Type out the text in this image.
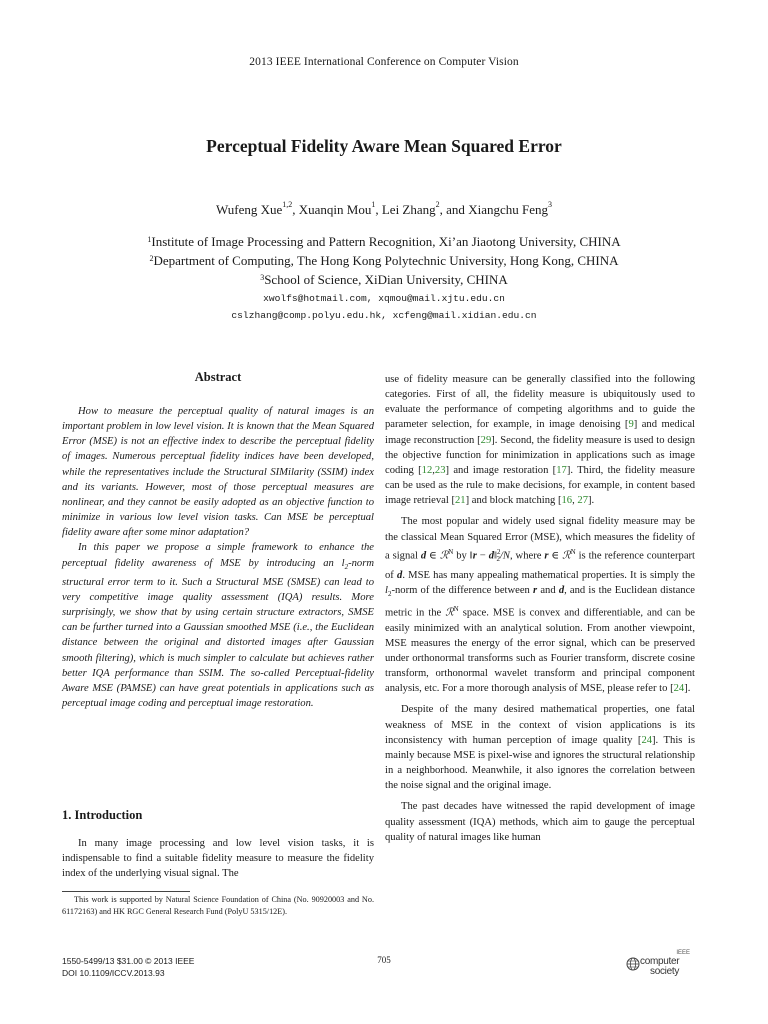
2013 IEEE International Conference on Computer Vision
Perceptual Fidelity Aware Mean Squared Error
Wufeng Xue$^{1,2}$, Xuanqin Mou$^1$, Lei Zhang$^2$, and Xiangchu Feng$^3$
$^1$Institute of Image Processing and Pattern Recognition, Xi’an Jiaotong University, CHINA
$^2$Department of Computing, The Hong Kong Polytechnic University, Hong Kong, CHINA
$^3$School of Science, XiDian University, CHINA
xwolfs@hotmail.com, xqmou@mail.xjtu.edu.cn
cslzhang@comp.polyu.edu.hk, xcfeng@mail.xidian.edu.cn
Abstract

How to measure the perceptual quality of natural images is an important problem in low level vision. It is known that the Mean Squared Error (MSE) is not an effective index to describe the perceptual fidelity of images. Numerous perceptual fidelity indices have been developed, while the representatives include the Structural SIMilarity (SSIM) index and its variants. However, most of those perceptual measures are nonlinear, and they cannot be easily adopted as an objective function to minimize in various low level vision tasks. Can MSE be perceptual fidelity aware after some minor adaptation?

In this paper we propose a simple framework to enhance the perceptual fidelity awareness of MSE by introducing an $l_2$-norm structural error term to it. Such a Structural MSE (SMSE) can lead to very competitive image quality assessment (IQA) results. More surprisingly, we show that by using certain structure extractors, SMSE can be further turned into a Gaussian smoothed MSE (i.e., the Euclidean distance between the original and distorted images after Gaussian smooth filtering), which is much simpler to calculate but achieves rather better IQA performance than SSIM. The so-called Perceptual-fidelity Aware MSE (PAMSE) can have great potentials in applications such as perceptual image coding and perceptual image restoration.

1. Introduction

In many image processing and low level vision tasks, it is indispensable to find a suitable fidelity measure to measure the fidelity index of the underlying visual signal. The

This work is supported by Natural Science Foundation of China (No. 90920003 and No. 61172163) and HK RGC General Research Fund (PolyU 5315/12E).

use of fidelity measure can be generally classified into the following categories. First of all, the fidelity measure is ubiquitously used to evaluate the performance of competing algorithms and to guide the parameter selection, for example, in image denoising [9] and medical image reconstruction [29]. Second, the fidelity measure is used to design the objective function for minimization in applications such as image coding [12,23] and image restoration [17]. Third, the fidelity measure can be used as the rule to make decisions, for example, in content based image retrieval [21] and block matching [16, 27].

The most popular and widely used signal fidelity measure may be the classical Mean Squared Error (MSE), which measures the fidelity of a signal d ∈ ℛ$^N$ by ‖r − d‖$^2_2$/N, where r ∈ ℛ$^N$ is the reference counterpart of d. MSE has many appealing mathematical properties. It is simply the $l_2$-norm of the difference between r and d, and is the Euclidean distance metric in the ℛ$^N$ space. MSE is convex and differentiable, and can be easily minimized with an analytical solution. From another viewpoint, MSE measures the energy of the error signal, which can be preserved under orthonormal transforms such as Fourier transform, discrete cosine transform, orthonormal wavelet transform and principal component analysis, etc. For a more thorough analysis of MSE, please refer to [24].

Despite of the many desired mathematical properties, one fatal weakness of MSE in the context of vision applications is its inconsistency with human perception of image quality [24]. This is mainly because MSE is pixel-wise and ignores the structural relationship in a neighborhood. Meanwhile, it also ignores the correlation between the noise signal and the original image.

The past decades have witnessed the rapid development of image quality assessment (IQA) methods, which aim to gauge the perceptual quality of natural images like human

1550-5499/13 $31.00 © 2013 IEEE
DOI 10.1109/ICCV.2013.93
705
IEEE
computer
society
